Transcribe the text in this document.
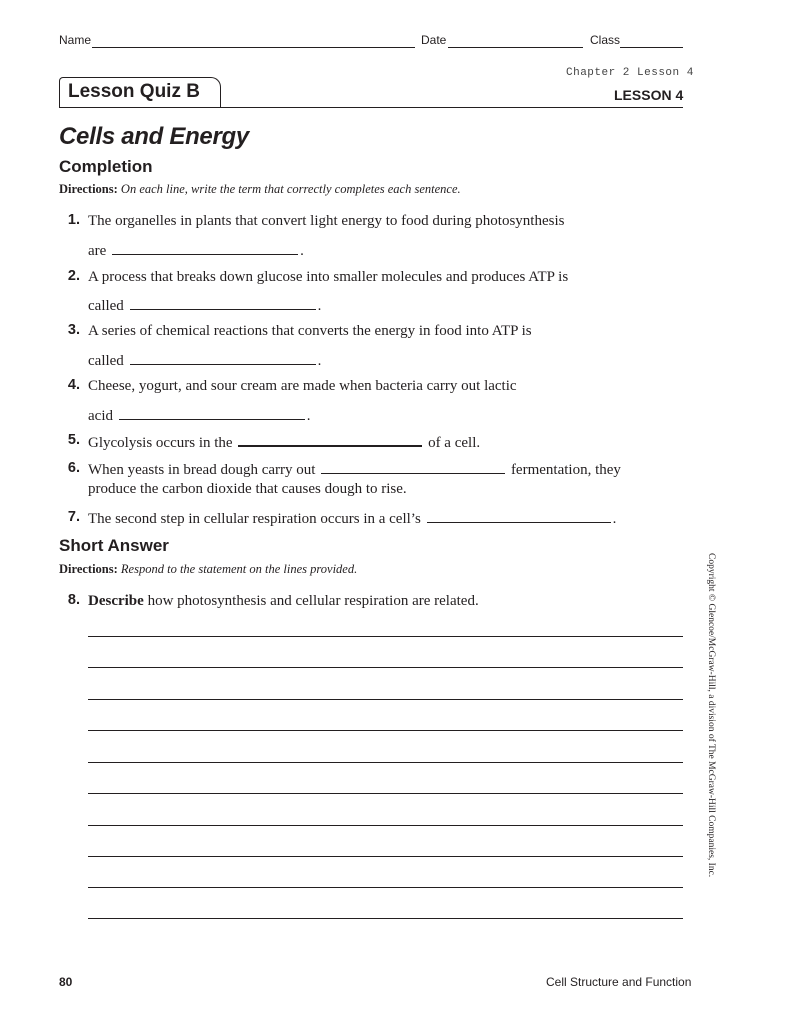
Name	Date	Class
Chapter 2 Lesson 4
Lesson Quiz B	LESSON 4
Cells and Energy
Completion
Directions: On each line, write the term that correctly completes each sentence.
1. The organelles in plants that convert light energy to food during photosynthesis
are	.
2. A process that breaks down glucose into smaller molecules and produces ATP is
called	.
3. A series of chemical reactions that converts the energy in food into ATP is
called	.
4. Cheese, yogurt, and sour cream are made when bacteria carry out lactic
acid	.
5. Glycolysis occurs in the	of a cell.
6. When yeasts in bread dough carry out	fermentation, they
produce the carbon dioxide that causes dough to rise.
7. The second step in cellular respiration occurs in a cell’s	.
Short Answer
Directions: Respond to the statement on the lines provided.
8. Describe how photosynthesis and cellular respiration are related.	Copyright © Glencoe/McGraw-Hill, a division of The McGraw-Hill Companies, Inc.
80	Cell Structure and Function
